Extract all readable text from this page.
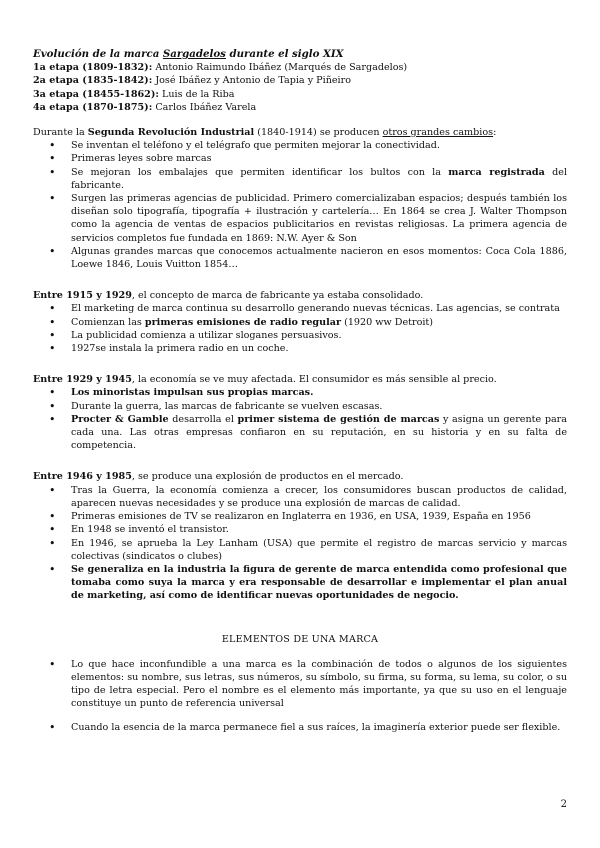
Evolución de la marca Sargadelos durante el siglo XIX

1a etapa (1809-1832): Antonio Raimundo Ibáñez (Marqués de Sargadelos)

2a etapa (1835-1842): José Ibáñez y Antonio de Tapia y Piñeiro

3a etapa (18455-1862): Luis de la Riba

4a etapa (1870-1875): Carlos Ibáñez Varela

Durante la Segunda Revolución Industrial (1840-1914) se producen otros grandes cambios:

• Se inventan el teléfono y el telégrafo que permiten mejorar la conectividad.
• Primeras leyes sobre marcas
• Se mejoran los embalajes que permiten identificar los bultos con la marca registrada del fabricante.
• Surgen las primeras agencias de publicidad. Primero comercializaban espacios; después también los diseñan solo tipografía, tipografía + ilustración y cartelería… En 1864 se crea J. Walter Thompson como la agencia de ventas de espacios publicitarios en revistas religiosas. La primera agencia de servicios completos fue fundada en 1869: N.W. Ayer & Son
• Algunas grandes marcas que conocemos actualmente nacieron en esos momentos: Coca Cola 1886, Loewe 1846, Louis Vuitton 1854…

Entre 1915 y 1929, el concepto de marca de fabricante ya estaba consolidado.

• El marketing de marca continua su desarrollo generando nuevas técnicas. Las agencias, se contrata
• Comienzan las primeras emisiones de radio regular (1920 ww Detroit)
• La publicidad comienza a utilizar sloganes persuasivos.
• 1927se instala la primera radio en un coche.

Entre 1929 y 1945, la economía se ve muy afectada. El consumidor es más sensible al precio.

• Los minoristas impulsan sus propias marcas.
• Durante la guerra, las marcas de fabricante se vuelven escasas.
• Procter & Gamble desarrolla el primer sistema de gestión de marcas y asigna un gerente para cada una. Las otras empresas confiaron en su reputación, en su historia y en su falta de competencia.

Entre 1946 y 1985, se produce una explosión de productos en el mercado.

• Tras la Guerra, la economía comienza a crecer, los consumidores buscan productos de calidad, aparecen nuevas necesidades y se produce una explosión de marcas de calidad.
• Primeras emisiones de TV se realizaron en Inglaterra en 1936, en USA, 1939, España en 1956
• En 1948 se inventó el transistor.
• En 1946, se aprueba la Ley Lanham (USA) que permite el registro de marcas servicio y marcas colectivas (sindicatos o clubes)
• Se generaliza en la industria la figura de gerente de marca entendida como profesional que tomaba como suya la marca y era responsable de desarrollar e implementar el plan anual de marketing, así como de identificar nuevas oportunidades de negocio.

ELEMENTOS DE UNA MARCA

• Lo que hace inconfundible a una marca es la combinación de todos o algunos de los siguientes elementos: su nombre, sus letras, sus números, su símbolo, su firma, su forma, su lema, su color, o su tipo de letra especial. Pero el nombre es el elemento más importante, ya que su uso en el lenguaje constituye un punto de referencia universal
• Cuando la esencia de la marca permanece fiel a sus raíces, la imaginería exterior puede ser flexible.
2
